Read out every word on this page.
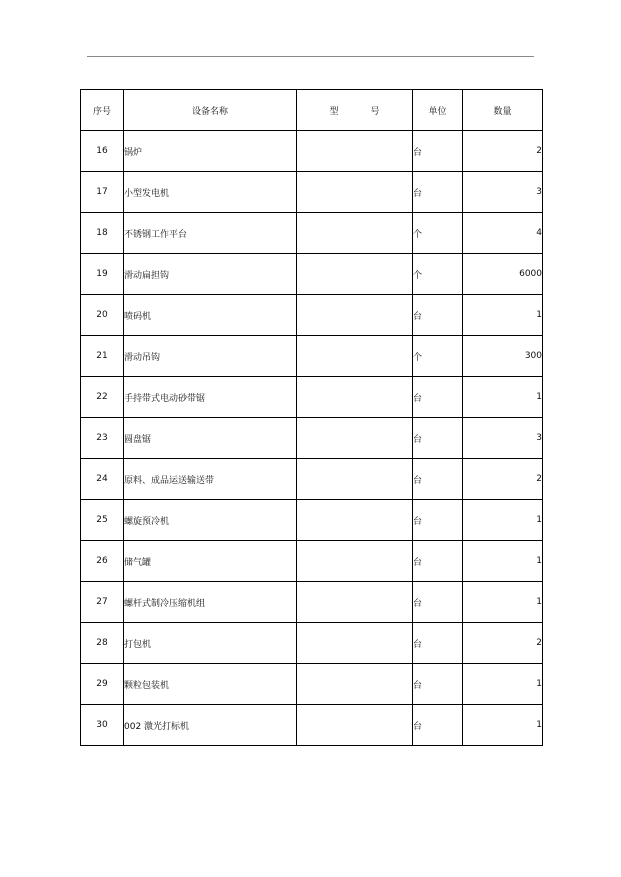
序号	设备名称	型 号	单位	数量
16	锅炉		台	2
17	小型发电机		台	3
18	不锈钢工作平台		个	4
19	滑动扁担钩		个	6000
20	喷码机		台	1
21	滑动吊钩		个	300
22	手持带式电动砂带锯		台	1
23	圆盘锯		台	3
24	原料、成品运送输送带		台	2
25	螺旋预冷机		台	1
26	储气罐		台	1
27	螺杆式制冷压缩机组		台	1
28	打包机		台	2
29	颗粒包装机		台	1
30	002 激光打标机		台	1
